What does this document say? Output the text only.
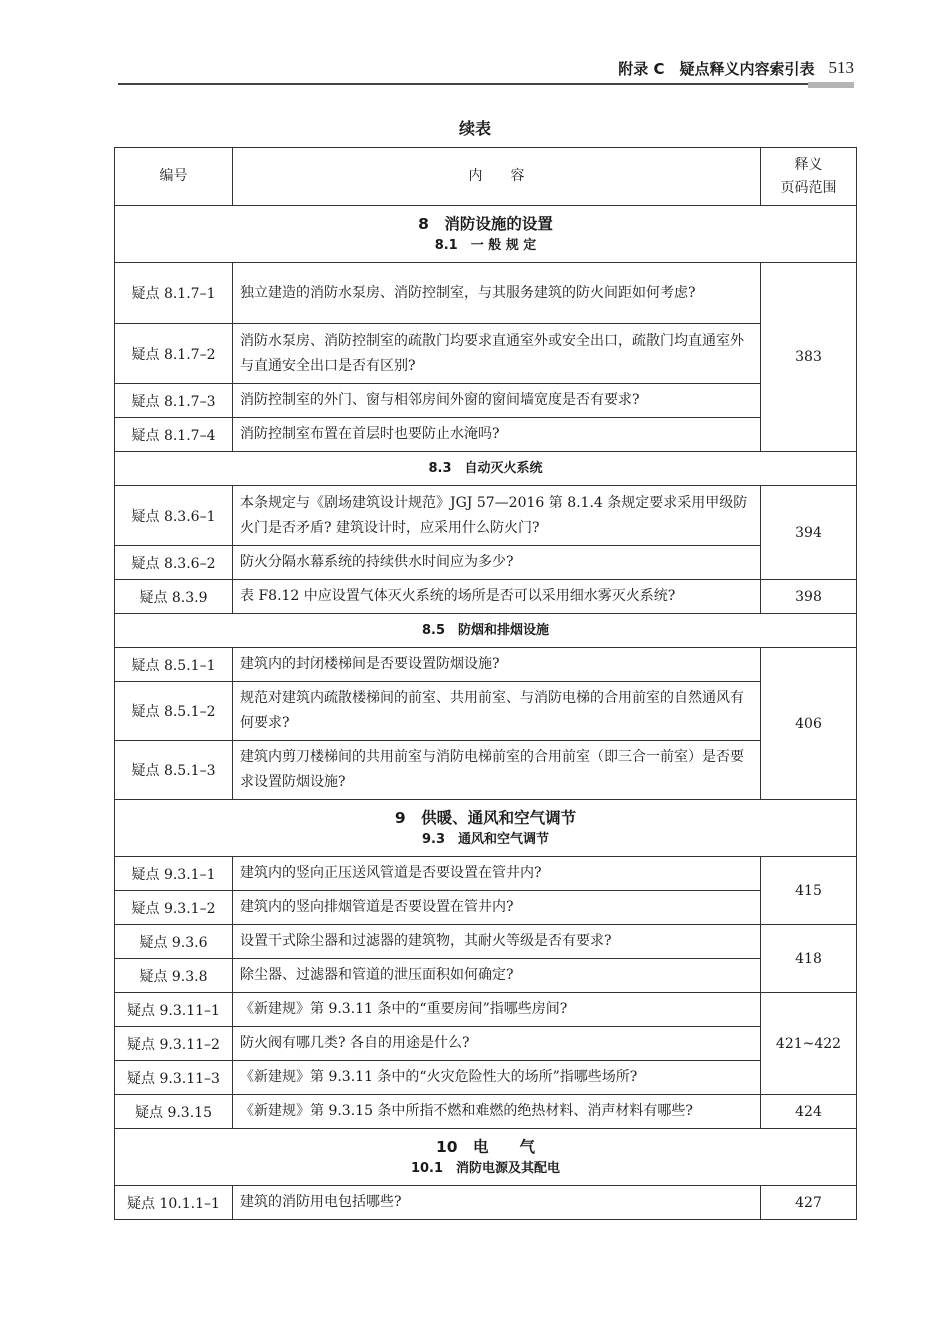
附录 C　疑点释义内容索引表 513
续表
编号	内　　容	释义
页码范围

8　消防设施的设置
8.1　一 般 规 定		

疑点 8.1.7–1	独立建造的消防水泵房、消防控制室，与其服务建筑的防火间距如何考虑?	383
疑点 8.1.7–2	消防水泵房、消防控制室的疏散门均要求直通室外或安全出口，疏散门均直通室外与直通安全出口是否有区别?	
疑点 8.1.7–3	消防控制室的外门、窗与相邻房间外窗的窗间墙宽度是否有要求?	
疑点 8.1.7–4	消防控制室布置在首层时也要防止水淹吗?	

8.3　自动灭火系统		

疑点 8.3.6–1	本条规定与《剧场建筑设计规范》JGJ 57—2016 第 8.1.4 条规定要求采用甲级防火门是否矛盾? 建筑设计时，应采用什么防火门?	394
疑点 8.3.6–2	防火分隔水幕系统的持续供水时间应为多少?	
疑点 8.3.9	表 F8.12 中应设置气体灭火系统的场所是否可以采用细水雾灭火系统?	398

8.5　防烟和排烟设施		

疑点 8.5.1–1	建筑内的封闭楼梯间是否要设置防烟设施?	406
疑点 8.5.1–2	规范对建筑内疏散楼梯间的前室、共用前室、与消防电梯的合用前室的自然通风有何要求?	
疑点 8.5.1–3	建筑内剪刀楼梯间的共用前室与消防电梯前室的合用前室（即三合一前室）是否要求设置防烟设施?	

9　供暖、通风和空气调节
9.3　通风和空气调节		

疑点 9.3.1–1	建筑内的竖向正压送风管道是否要设置在管井内?	415
疑点 9.3.1–2	建筑内的竖向排烟管道是否要设置在管井内?	
疑点 9.3.6	设置干式除尘器和过滤器的建筑物，其耐火等级是否有要求?	418
疑点 9.3.8	除尘器、过滤器和管道的泄压面积如何确定?	
疑点 9.3.11–1	《新建规》第 9.3.11 条中的“重要房间”指哪些房间?	421~422
疑点 9.3.11–2	防火阀有哪几类? 各自的用途是什么?	
疑点 9.3.11–3	《新建规》第 9.3.11 条中的“火灾危险性大的场所”指哪些场所?	
疑点 9.3.15	《新建规》第 9.3.15 条中所指不燃和难燃的绝热材料、消声材料有哪些?	424

10　电　　气
10.1　消防电源及其配电		

疑点 10.1.1–1	建筑的消防用电包括哪些?	427
